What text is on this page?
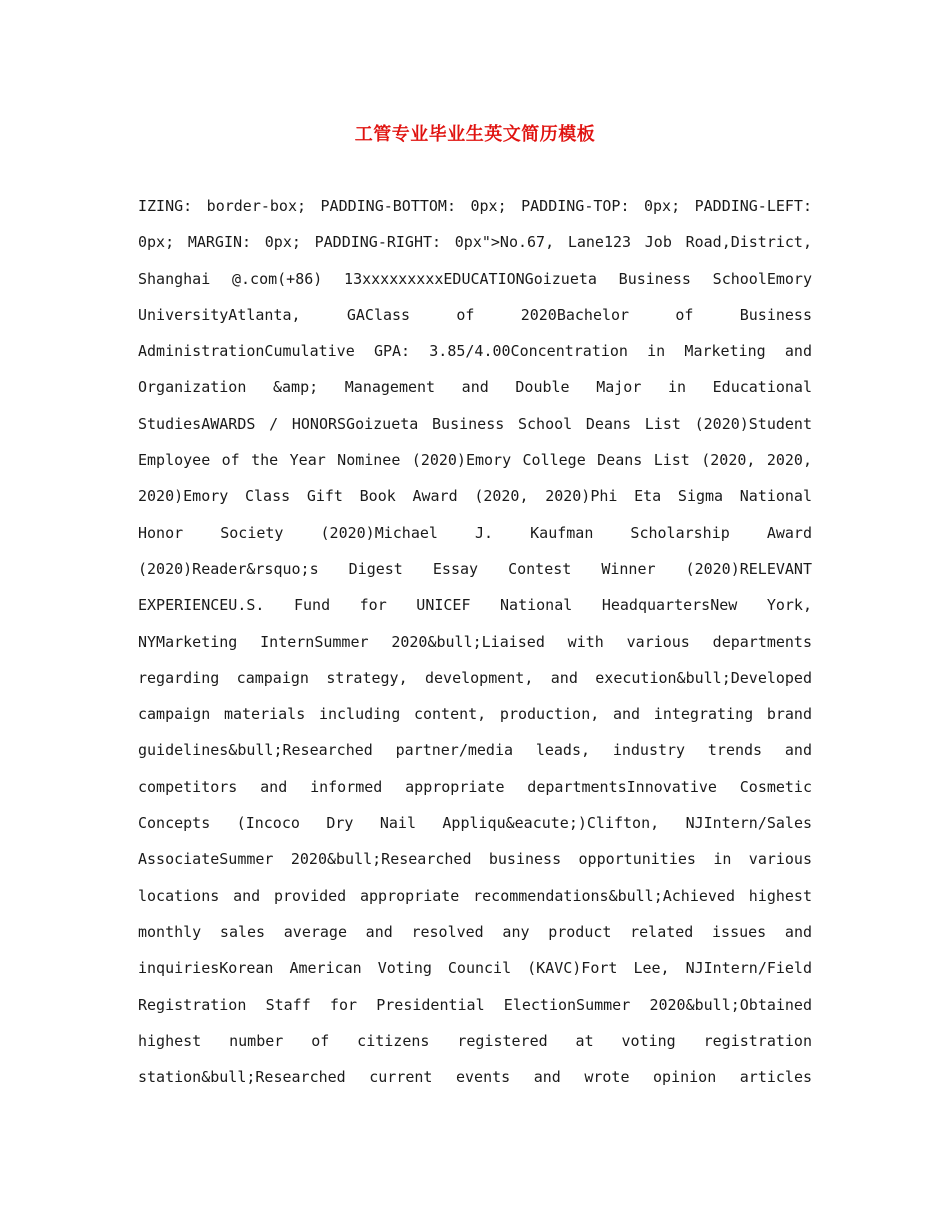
工管专业毕业生英文简历模板
IZING: border-box; PADDING-BOTTOM: 0px; PADDING-TOP: 0px; PADDING-LEFT:
0px; MARGIN: 0px; PADDING-RIGHT: 0px">No.67, Lane123 Job Road,District,
Shanghai @.com(+86) 13xxxxxxxxxEDUCATIONGoizueta Business SchoolEmory
UniversityAtlanta, GAClass of 2020Bachelor of Business
AdministrationCumulative GPA: 3.85/4.00Concentration in Marketing and
Organization &amp; Management and Double Major in Educational
StudiesAWARDS / HONORSGoizueta Business School Deans List (2020)Student
Employee of the Year Nominee (2020)Emory College Deans List (2020, 2020,
2020)Emory Class Gift Book Award (2020, 2020)Phi Eta Sigma National
Honor Society (2020)Michael J. Kaufman Scholarship Award
(2020)Reader&rsquo;s Digest Essay Contest Winner (2020)RELEVANT
EXPERIENCEU.S. Fund for UNICEF National HeadquartersNew York,
NYMarketing InternSummer 2020&bull;Liaised with various departments
regarding campaign strategy, development, and execution&bull;Developed
campaign materials including content, production, and integrating brand
guidelines&bull;Researched partner/media leads, industry trends and
competitors and informed appropriate departmentsInnovative Cosmetic
Concepts (Incoco Dry Nail Appliqu&eacute;)Clifton, NJIntern/Sales
AssociateSummer 2020&bull;Researched business opportunities in various
locations and provided appropriate recommendations&bull;Achieved highest
monthly sales average and resolved any product related issues and
inquiriesKorean American Voting Council (KAVC)Fort Lee, NJIntern/Field
Registration Staff for Presidential ElectionSummer 2020&bull;Obtained
highest number of citizens registered at voting registration
station&bull;Researched current events and wrote opinion articles
